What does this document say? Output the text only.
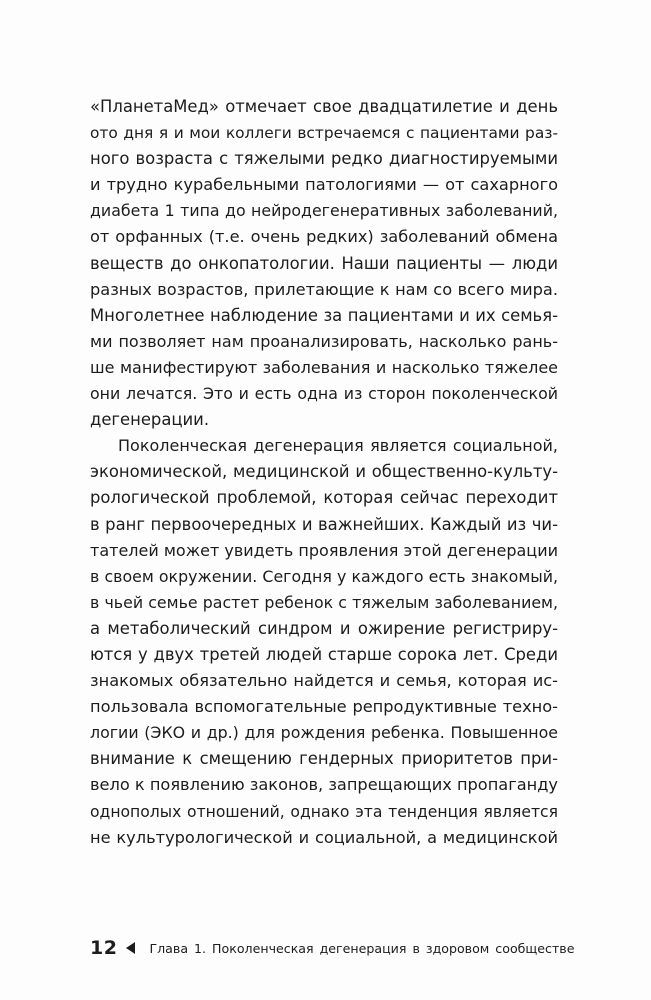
«ПланетаМед» отмечает свое двадцатилетие и день
ото дня я и мои коллеги встречаемся с пациентами раз-
ного возраста с тяжелыми редко диагностируемыми
и трудно курабельными патологиями — от сахарного
диабета 1 типа до нейродегенеративных заболеваний,
от орфанных (т.е. очень редких) заболеваний обмена
веществ до онкопатологии. Наши пациенты — люди
разных возрастов, прилетающие к нам со всего мира.
Многолетнее наблюдение за пациентами и их семья-
ми позволяет нам проанализировать, насколько рань-
ше манифестируют заболевания и насколько тяжелее
они лечатся. Это и есть одна из сторон поколенческой
дегенерации.
Поколенческая дегенерация является социальной,
экономической, медицинской и общественно-культу-
рологической проблемой, которая сейчас переходит
в ранг первоочередных и важнейших. Каждый из чи-
тателей может увидеть проявления этой дегенерации
в своем окружении. Сегодня у каждого есть знакомый,
в чьей семье растет ребенок с тяжелым заболеванием,
а метаболический синдром и ожирение регистриру-
ются у двух третей людей старше сорока лет. Среди
знакомых обязательно найдется и семья, которая ис-
пользовала вспомогательные репродуктивные техно-
логии (ЭКО и др.) для рождения ребенка. Повышенное
внимание к смещению гендерных приоритетов при-
вело к появлению законов, запрещающих пропаганду
однополых отношений, однако эта тенденция является
не культурологической и социальной, а медицинской
12	Глава 1. Поколенческая дегенерация в здоровом сообществе
